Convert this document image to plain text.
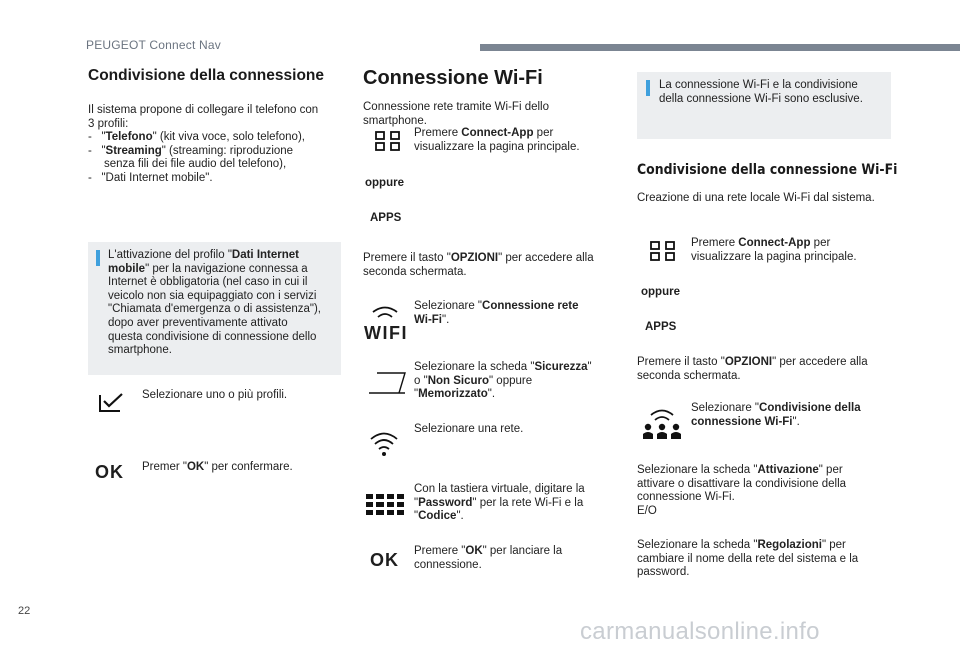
PEUGEOT Connect Nav
22
carmanualsonline.info
Condivisione della connessione
Il sistema propone di collegare il telefono con
3 profili:
- "Telefono" (kit viva voce, solo telefono),
- "Streaming" (streaming: riproduzione
senza fili dei file audio del telefono),
- "Dati Internet mobile".
L'attivazione del profilo "Dati Internet
mobile" per la navigazione connessa a
Internet è obbligatoria (nel caso in cui il
veicolo non sia equipaggiato con i servizi
"Chiamata d'emergenza o di assistenza"),
dopo aver preventivamente attivato
questa condivisione di connessione dello
smartphone.
Selezionare uno o più profili.
OK Premer "OK" per confermare.
Connessione Wi-Fi
Connessione rete tramite Wi-Fi dello
smartphone.
Premere Connect-App per
visualizzare la pagina principale.
oppure
APPS
Premere il tasto "OPZIONI" per accedere alla
seconda schermata.
WIFI
Selezionare "Connessione rete
Wi-Fi".
Selezionare la scheda "Sicurezza"
o "Non Sicuro" oppure
"Memorizzato".
Selezionare una rete.
Con la tastiera virtuale, digitare la
"Password" per la rete Wi-Fi e la
"Codice".
OK Premere "OK" per lanciare la
connessione.
La connessione Wi-Fi e la condivisione
della connessione Wi-Fi sono esclusive.
Condivisione della connessione Wi-Fi
Creazione di una rete locale Wi-Fi dal sistema.
Premere Connect-App per
visualizzare la pagina principale.
oppure
APPS
Premere il tasto "OPZIONI" per accedere alla
seconda schermata.
Selezionare "Condivisione della
connessione Wi-Fi".
Selezionare la scheda "Attivazione" per
attivare o disattivare la condivisione della
connessione Wi-Fi.
E/O
Selezionare la scheda "Regolazioni" per
cambiare il nome della rete del sistema e la
password.
